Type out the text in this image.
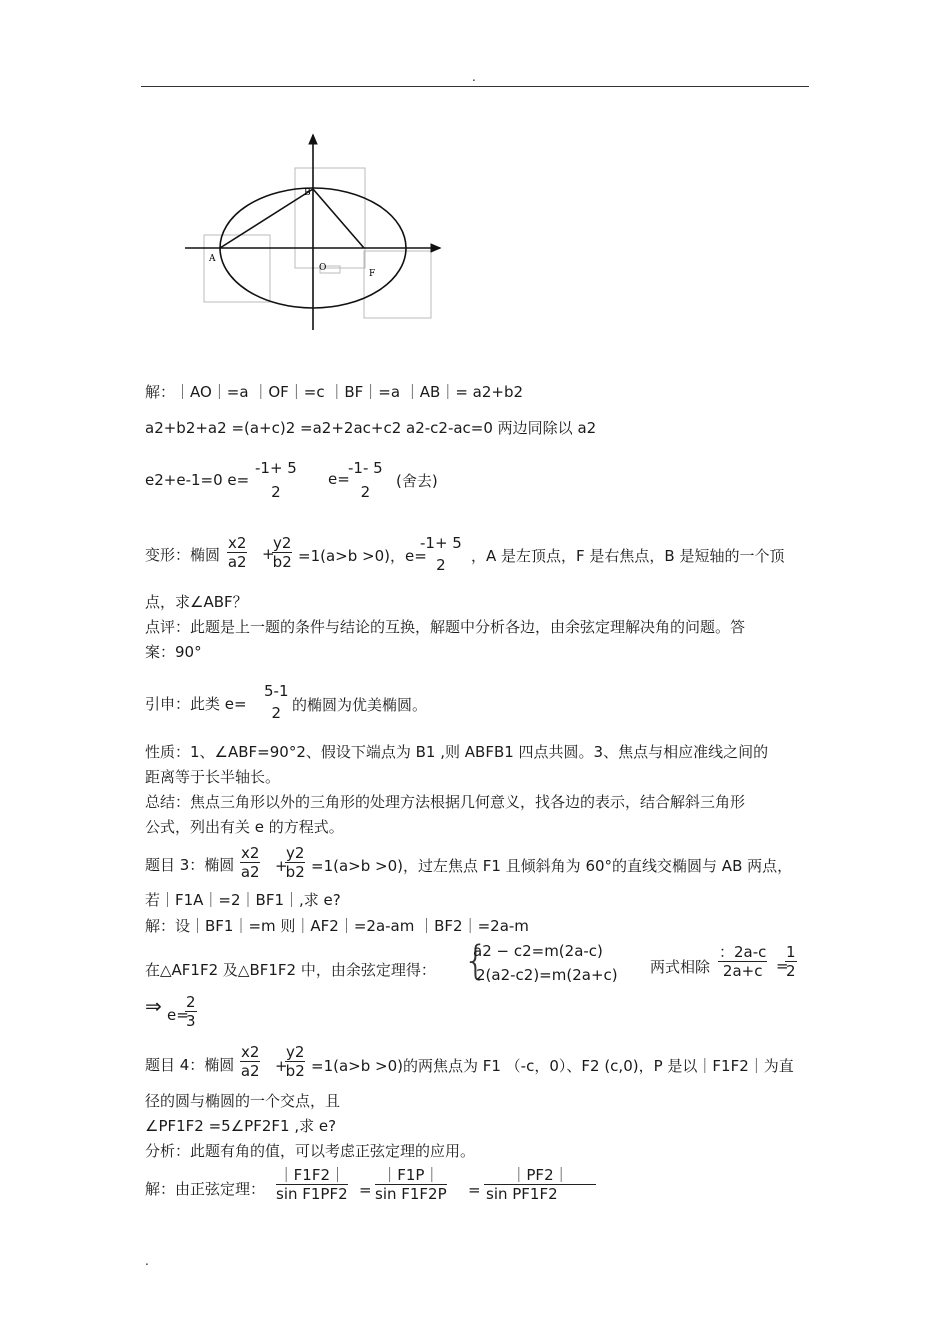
.
A
B
O
F
解：｜AO｜=a ｜OF｜=c ｜BF｜=a ｜AB｜= a2+b2
a2+b2+a2 =(a+c)2 =a2+2ac+c2 a2-c2-ac=0 两边同除以 a2
e2+e-1=0 e=
-1+ 5
2
e=
-1- 5
2
(舍去)
变形：椭圆 $\frac{x2}{a2}$ +
$\frac{y2}{b2} =1(a>b >0)$，e=
-1+ 5
2	，A 是左顶点，F 是右焦点，B 是短轴的一个顶
点，求∠ABF？
点评：此题是上一题的条件与结论的互换，解题中分析各边，由余弦定理解决角的问题。答
案：90°
引申：此类 e=
5-1
2 的椭圆为优美椭圆。
性质：1、∠ABF=90°2、假设下端点为 B1 ,则 ABFB1 四点共圆。3、焦点与相应准线之间的
距离等于长半轴长。
总结：焦点三角形以外的三角形的处理方法根据几何意义，找各边的表示，结合解斜三角形
公式，列出有关 e 的方程式。
题目 3：椭圆 $\frac{x2}{a2}$ +
$\frac{y2}{b2} =1(a>b >0)$，过左焦点 F1 且倾斜角为 60°的直线交椭圆与 AB 两点，
若｜F1A｜=2｜BF1｜,求 e?
解：设｜BF1｜=m 则｜AF2｜=2a-am ｜BF2｜=2a-m
在△AF1F2 及△BF1F2 中，由余弦定理得： {
a2 − c2=m(2a-c)
2(a2-c2)=m(2a+c) 两式相除 $\frac{:2a-c}{2a+c}$ =
$\frac{1}{2}$
⇒ e=
$\frac{2}{3}$
题目 4：椭圆 $\frac{x2}{a2}$ +
$\frac{y2}{b2} =1(a>b >0)$的两焦点为 F1 （-c，0）、F2 (c,0)，P 是以｜F1F2｜为直
径的圆与椭圆的一个交点，且
∠PF1F2 =5∠PF2F1 ,求 e?
分析：此题有角的值，可以考虑正弦定理的应用。
解：由正弦定理： $\frac{|F1F2|}{\text{sin F1PF2}} = \frac{|F1P|}{\text{sin F1F2P}} = \frac{|PF2|}{\text{sin PF1F2}}$
.
